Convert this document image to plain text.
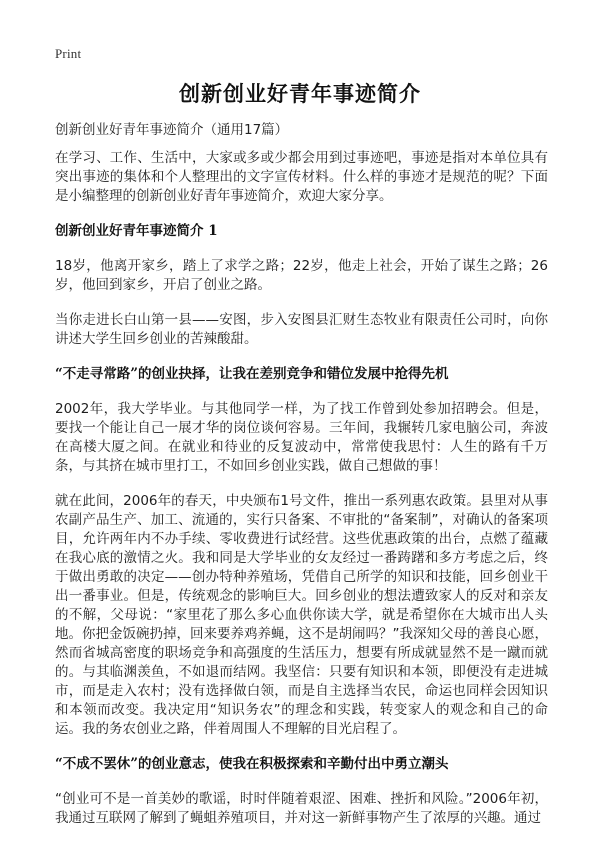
Print
创新创业好青年事迹简介
创新创业好青年事迹简介（通用17篇）

在学习、工作、生活中，大家或多或少都会用到过事迹吧，事迹是指对本单位具有突出事迹的集体和个人整理出的文字宣传材料。什么样的事迹才是规范的呢？下面是小编整理的创新创业好青年事迹简介，欢迎大家分享。

创新创业好青年事迹简介 1

18岁，他离开家乡，踏上了求学之路；22岁，他走上社会，开始了谋生之路；26岁，他回到家乡，开启了创业之路。

当你走进长白山第一县——安图，步入安图县汇财生态牧业有限责任公司时，向你讲述大学生回乡创业的苦辣酸甜。

“不走寻常路”的创业抉择，让我在差别竞争和错位发展中抢得先机

2002年，我大学毕业。与其他同学一样，为了找工作曾到处参加招聘会。但是，要找一个能让自己一展才华的岗位谈何容易。三年间，我辗转几家电脑公司，奔波在高楼大厦之间。在就业和待业的反复波动中，常常使我思忖：人生的路有千万条，与其挤在城市里打工，不如回乡创业实践，做自己想做的事！

就在此间，2006年的春天，中央颁布1号文件，推出一系列惠农政策。县里对从事农副产品生产、加工、流通的，实行只备案、不审批的“备案制”，对确认的备案项目，允许两年内不办手续、零收费进行试经营。这些优惠政策的出台，点燃了蕴藏在我心底的激情之火。我和同是大学毕业的女友经过一番踌躇和多方考虑之后，终于做出勇敢的决定——创办特种养殖场，凭借自己所学的知识和技能，回乡创业干出一番事业。但是，传统观念的影响巨大。回乡创业的想法遭致家人的反对和亲友的不解，父母说：“家里花了那么多心血供你读大学，就是希望你在大城市出人头地。你把金饭碗扔掉，回来要养鸡养蝇，这不是胡闹吗？”我深知父母的善良心愿，然而省城高密度的职场竞争和高强度的生活压力，想要有所成就显然不是一蹴而就的。与其临渊羡鱼，不如退而结网。我坚信：只要有知识和本领，即便没有走进城市，而是走入农村；没有选择做白领，而是自主选择当农民，命运也同样会因知识和本领而改变。我决定用“知识务农”的理念和实践，转变家人的观念和自己的命运。我的务农创业之路，伴着周围人不理解的目光启程了。

“不成不罢休”的创业意志，使我在积极探索和辛勤付出中勇立潮头

“创业可不是一首美妙的歌谣，时时伴随着艰涩、困难、挫折和风险。”2006年初，我通过互联网了解到了蝇蛆养殖项目，并对这一新鲜事物产生了浓厚的兴趣。通过
